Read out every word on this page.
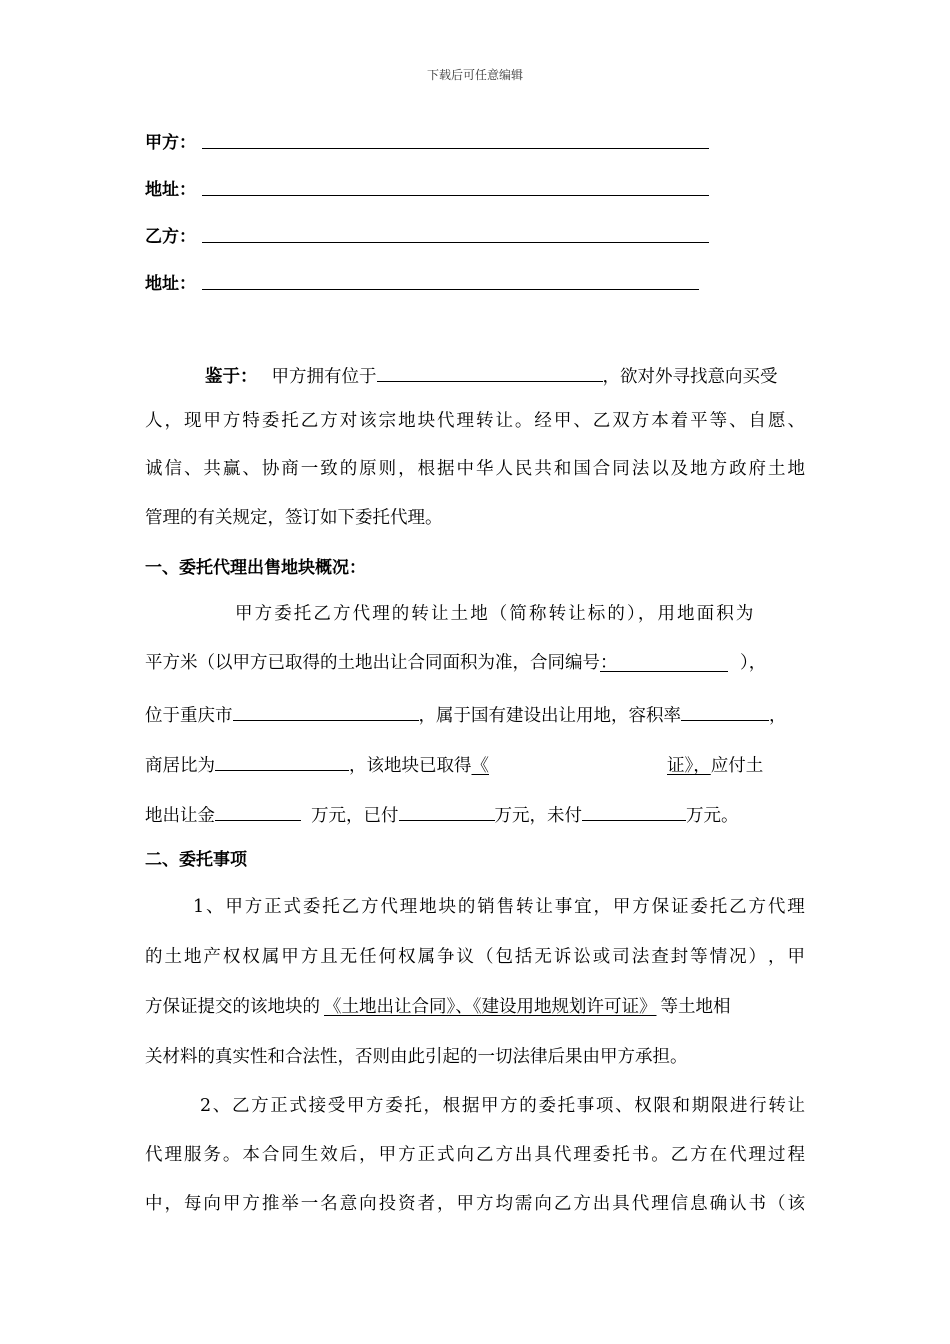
下载后可任意编辑
甲方：
地址：
乙方：
地址：
鉴于： 甲方拥有位于	，欲对外寻找意向买受
人 ， 现 甲 方 特 委 托 乙 方 对 该 宗 地 块 代 理 转 让 。 经 甲 、 乙 双 方 本 着 平 等 、 自 愿 、
诚 信 、 共 赢 、 协 商 一 致 的 原 则 ， 根 据 中 华 人 民 共 和 国 合 同 法 以 及 地 方 政 府 土 地
管理的有关规定，签订如下委托代理。
一、委托代理出售地块概况：
甲方委托乙方代理的转让土地（简称转让标的），用地面积为
平方米（以甲方已取得的土地出让合同面积为准，合同编号：	），
位于重庆市	，属于国有建设出让用地，容积率	，
商居比为	，该地块已取得《	证》，应付土
地出让金	万元，已付	万元，未付	万元。
二、委托事项
1 、 甲 方 正 式 委 托 乙 方 代 理 地 块 的 销 售 转 让 事 宜 ， 甲 方 保 证 委 托 乙 方 代 理
的 土 地 产 权 权 属 甲 方 且 无 任 何 权 属 争 议 （ 包 括 无 诉 讼 或 司 法 查 封 等 情 况 ） ， 甲
方保证提交的该地块的 《土地出让合同》、《建设用地规划许可证》 等土地相
关材料的真实性和合法性，否则由此引起的一切法律后果由甲方承担。
2 、 乙 方 正 式 接 受 甲 方 委 托 ， 根 据 甲 方 的 委 托 事 项 、 权 限 和 期 限 进 行 转 让
代 理 服 务 。 本 合 同 生 效 后 ， 甲 方 正 式 向 乙 方 出 具 代 理 委 托 书 。 乙 方 在 代 理 过 程
中 ， 每 向 甲 方 推 举 一 名 意 向 投 资 者 ， 甲 方 均 需 向 乙 方 出 具 代 理 信 息 确 认 书 （ 该
